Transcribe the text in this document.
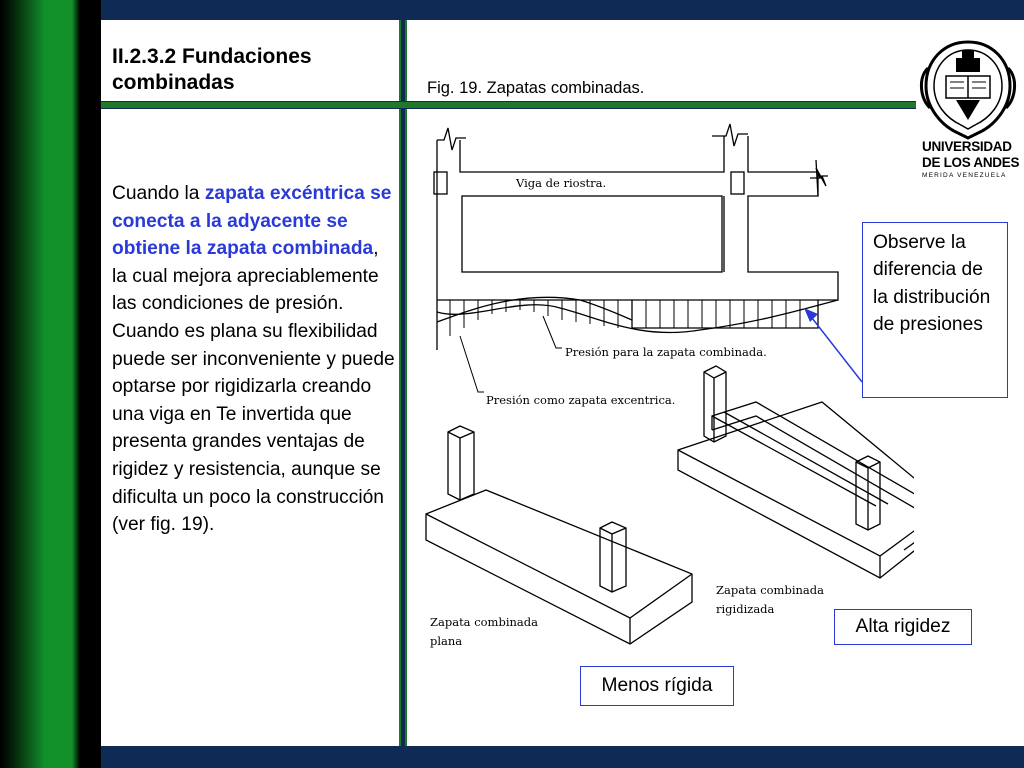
II.2.3.2 Fundaciones combinadas
Cuando la zapata excéntrica se conecta a la adyacente se obtiene la zapata combinada, la cual mejora apreciablemente las condiciones de presión. Cuando es plana su flexibilidad puede ser inconveniente y puede optarse por rigidizarla creando una viga en Te invertida que presenta grandes ventajas de rigidez y resistencia, aunque se dificulta un poco la construcción (ver fig. 19).
Fig. 19. Zapatas combinadas.
UNIVERSIDAD
DE LOS ANDES
MERIDA VENEZUELA
Viga de riostra.
Presión para la zapata combinada.
Presión como zapata excentrica.
Zapata combinada
rigidizada
Zapata combinada
plana
Observe la diferencia de la distribución de presiones
Alta rigidez
Menos rígida
